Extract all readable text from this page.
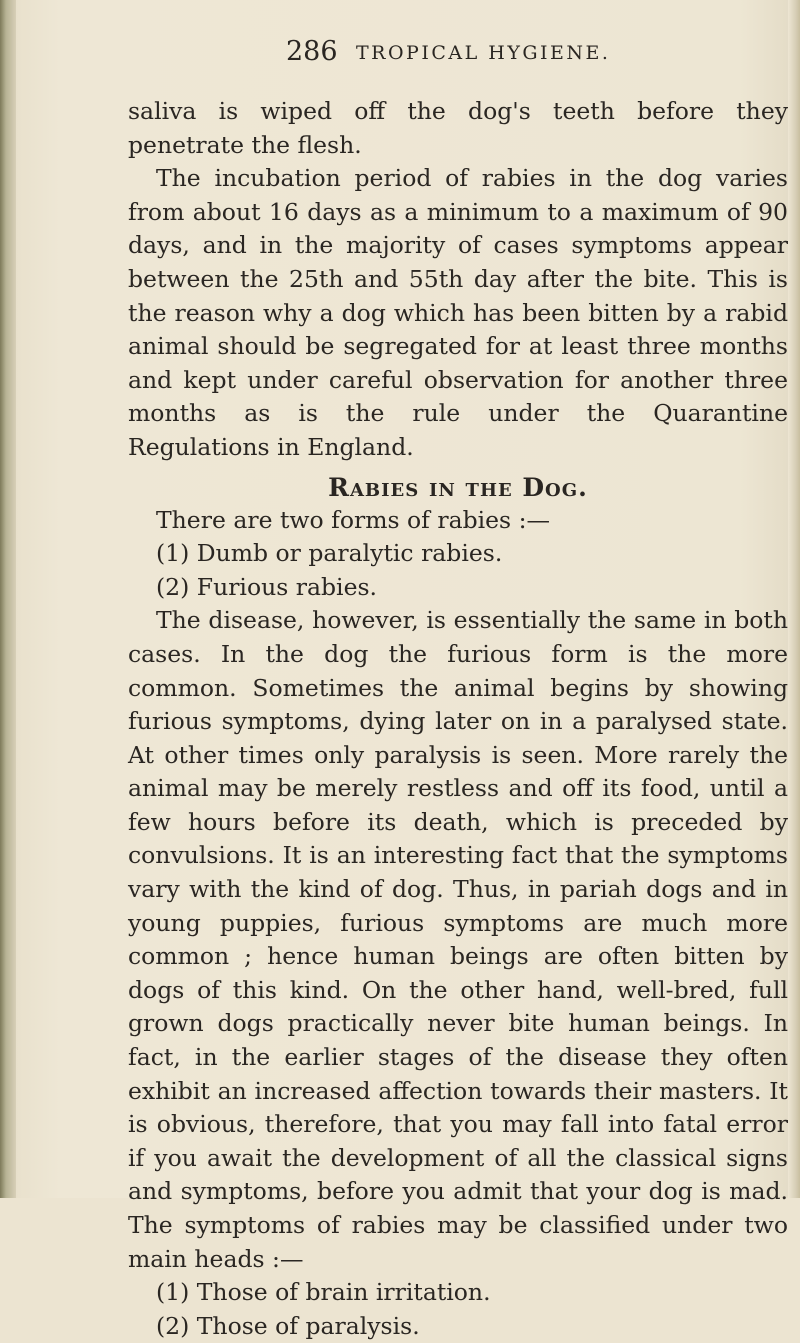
286 TROPICAL HYGIENE.

saliva is wiped off the dog's teeth before they penetrate the flesh.

The incubation period of rabies in the dog varies from about 16 days as a minimum to a maximum of 90 days, and in the majority of cases symptoms appear between the 25th and 55th day after the bite. This is the reason why a dog which has been bitten by a rabid animal should be segregated for at least three months and kept under careful observation for another three months as is the rule under the Quarantine Regulations in England.

Rabies in the Dog.

There are two forms of rabies :—

(1) Dumb or paralytic rabies.

(2) Furious rabies.

The disease, however, is essentially the same in both cases. In the dog the furious form is the more common. Sometimes the animal begins by showing furious symptoms, dying later on in a paralysed state. At other times only paralysis is seen. More rarely the animal may be merely restless and off its food, until a few hours before its death, which is preceded by convulsions. It is an interesting fact that the symptoms vary with the kind of dog. Thus, in pariah dogs and in young puppies, furious symptoms are much more common ; hence human beings are often bitten by dogs of this kind. On the other hand, well-bred, full grown dogs practically never bite human beings. In fact, in the earlier stages of the disease they often exhibit an increased affection towards their masters. It is obvious, therefore, that you may fall into fatal error if you await the development of all the classical signs and symptoms, before you admit that your dog is mad. The symptoms of rabies may be classified under two main heads :—

(1) Those of brain irritation.

(2) Those of paralysis.
